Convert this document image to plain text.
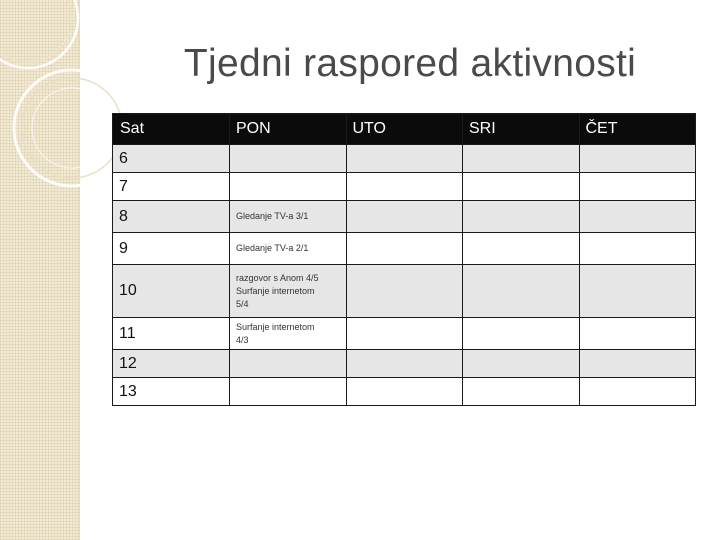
Tjedni raspored aktivnosti
Sat	PON	UTO	SRI	ČET
6				
7				
8	Gledanje TV-a 3/1			

9	Gledanje TV-a 2/1			

10	razgovor s Anom 4/5
Surfanje internetom
5/4			

11	Surfanje internetom
4/3			

12				
13				
